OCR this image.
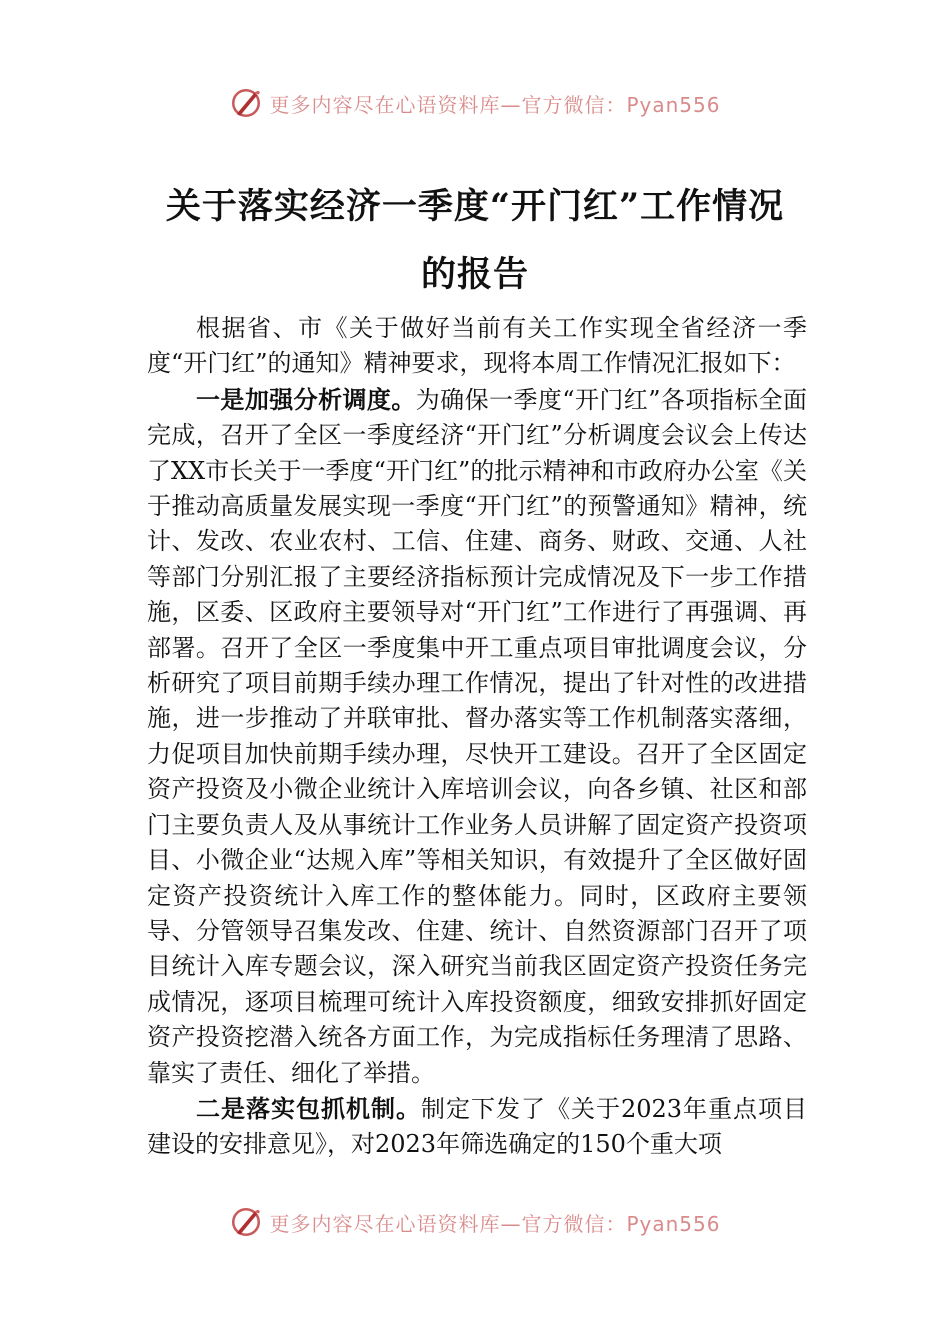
更多内容尽在心语资料库—官方微信：Pyan556
关于落实经济一季度“开门红”工作情况
的报告

根据省、市《关于做好当前有关工作实现全省经济一季度“开门红”的通知》精神要求，现将本周工作情况汇报如下：

一是加强分析调度。为确保一季度“开门红”各项指标全面完成，召开了全区一季度经济“开门红”分析调度会议会上传达了XX市长关于一季度“开门红”的批示精神和市政府办公室《关于推动高质量发展实现一季度“开门红”的预警通知》精神，统计、发改、农业农村、工信、住建、商务、财政、交通、人社等部门分别汇报了主要经济指标预计完成情况及下一步工作措施，区委、区政府主要领导对“开门红”工作进行了再强调、再部署。召开了全区一季度集中开工重点项目审批调度会议，分析研究了项目前期手续办理工作情况，提出了针对性的改进措施，进一步推动了并联审批、督办落实等工作机制落实落细，力促项目加快前期手续办理，尽快开工建设。召开了全区固定资产投资及小微企业统计入库培训会议，向各乡镇、社区和部门主要负责人及从事统计工作业务人员讲解了固定资产投资项目、小微企业“达规入库”等相关知识，有效提升了全区做好固定资产投资统计入库工作的整体能力。同时，区政府主要领导、分管领导召集发改、住建、统计、自然资源部门召开了项目统计入库专题会议，深入研究当前我区固定资产投资任务完成情况，逐项目梳理可统计入库投资额度，细致安排抓好固定资产投资挖潜入统各方面工作，为完成指标任务理清了思路、靠实了责任、细化了举措。

二是落实包抓机制。制定下发了《关于2023年重点项目建设的安排意见》，对2023年筛选确定的150个重大项

更多内容尽在心语资料库—官方微信：Pyan556
